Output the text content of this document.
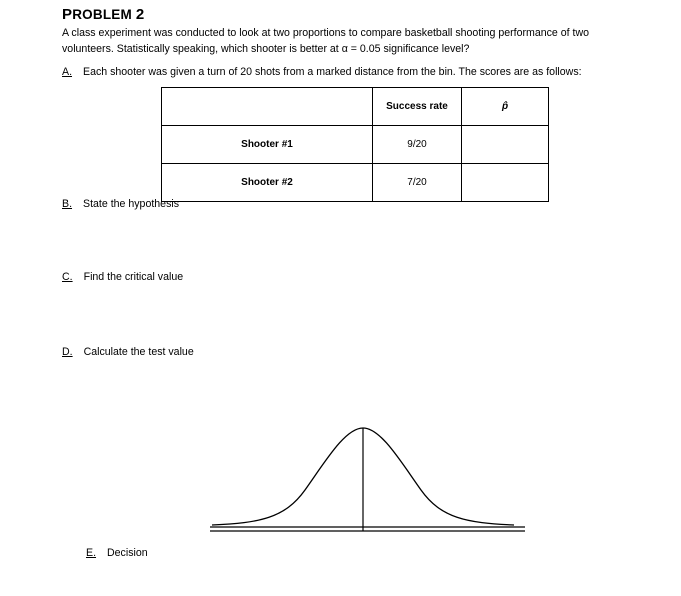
PROBLEM 2
A class experiment was conducted to look at two proportions to compare basketball shooting performance of two
volunteers. Statistically speaking, which shooter is better at α = 0.05 significance level?
A. Each shooter was given a turn of 20 shots from a marked distance from the bin. The scores are as follows:
	Success rate	p̂
Shooter #1	9/20	
Shooter #2	7/20	
B. State the hypothesis
C. Find the critical value
D. Calculate the test value
E. Decision
